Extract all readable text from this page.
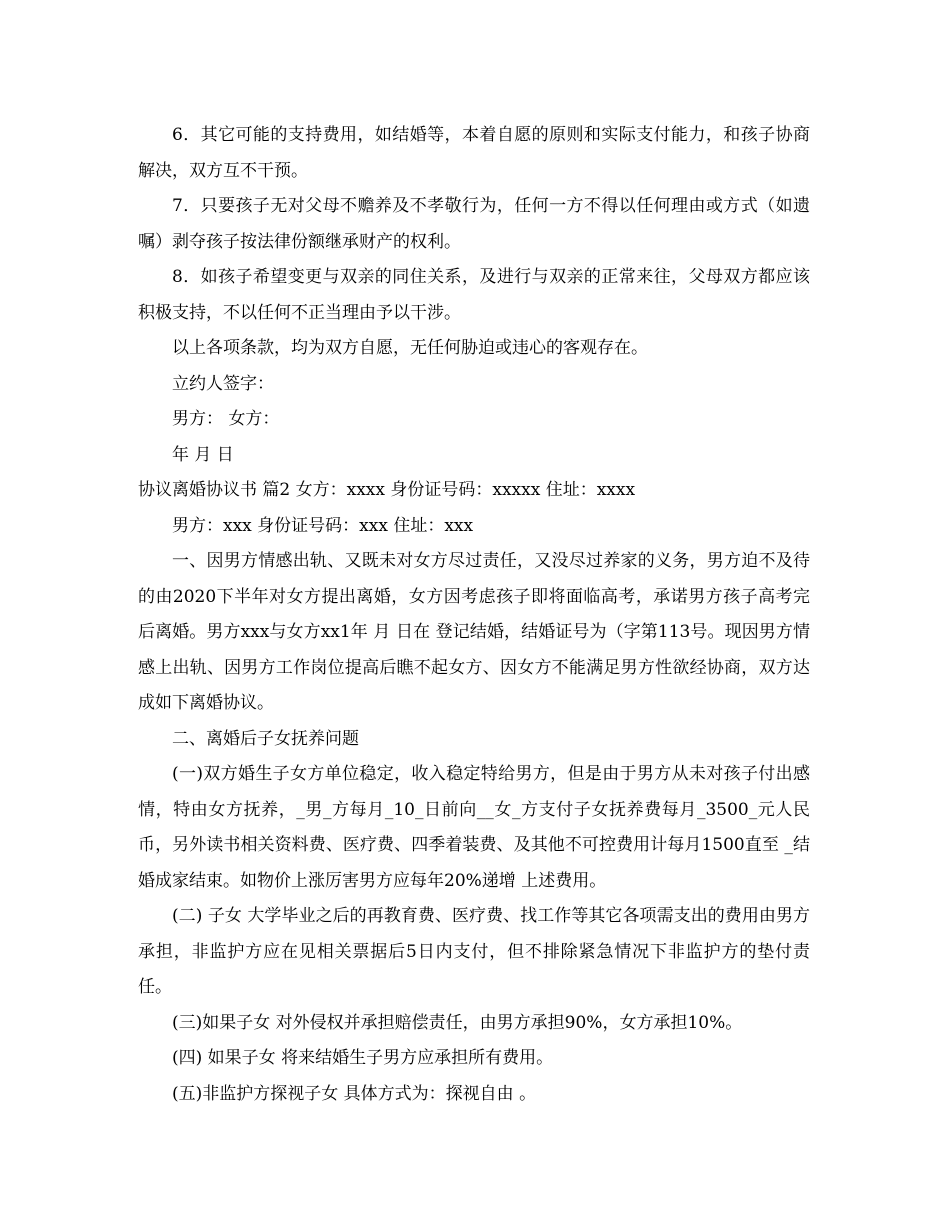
6．其它可能的支持费用，如结婚等，本着自愿的原则和实际支付能力，和孩子协商解决，双方互不干预。

7．只要孩子无对父母不赡养及不孝敬行为，任何一方不得以任何理由或方式（如遗嘱）剥夺孩子按法律份额继承财产的权利。

8．如孩子希望变更与双亲的同住关系，及进行与双亲的正常来往，父母双方都应该积极支持，不以任何不正当理由予以干涉。

以上各项条款，均为双方自愿，无任何胁迫或违心的客观存在。

立约人签字：

男方： 女方：

年 月 日

协议离婚协议书 篇2 女方：xxxx 身份证号码：xxxxx 住址：xxxx

男方：xxx 身份证号码：xxx 住址：xxx

一、因男方情感出轨、又既未对女方尽过责任，又没尽过养家的义务，男方迫不及待的由2020下半年对女方提出离婚，女方因考虑孩子即将面临高考，承诺男方孩子高考完后离婚。男方xxx与女方xx1年 月 日在 登记结婚，结婚证号为（字第113号。现因男方情感上出轨、因男方工作岗位提高后瞧不起女方、因女方不能满足男方性欲经协商，双方达成如下离婚协议。

二、离婚后子女抚养问题

(一)双方婚生子女方单位稳定，收入稳定特给男方，但是由于男方从未对孩子付出感情，特由女方抚养，_男_方每月_10_日前向__女_方支付子女抚养费每月_3500_元人民币，另外读书相关资料费、医疗费、四季着装费、及其他不可控费用计每月1500直至 _结婚成家结束。如物价上涨厉害男方应每年20%递增 上述费用。

(二) 子女 大学毕业之后的再教育费、医疗费、找工作等其它各项需支出的费用由男方承担，非监护方应在见相关票据后5日内支付，但不排除紧急情况下非监护方的垫付责任。

(三)如果子女 对外侵权并承担赔偿责任，由男方承担90%，女方承担10%。

(四) 如果子女 将来结婚生子男方应承担所有费用。

(五)非监护方探视子女 具体方式为：探视自由 。
